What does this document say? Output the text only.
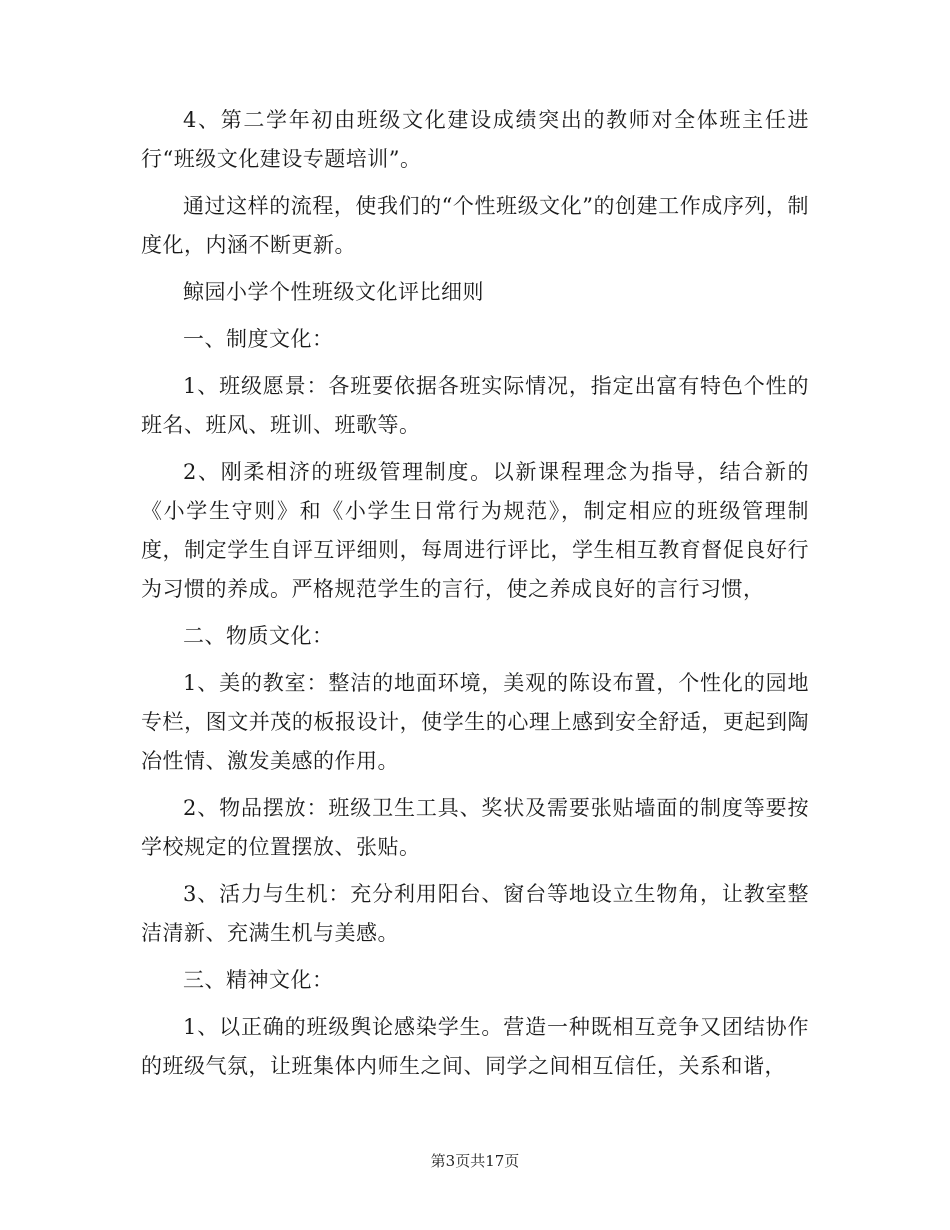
4、第二学年初由班级文化建设成绩突出的教师对全体班主任进行“班级文化建设专题培训”。

通过这样的流程，使我们的“个性班级文化”的创建工作成序列，制度化，内涵不断更新。

鲸园小学个性班级文化评比细则

一、制度文化：

1、班级愿景：各班要依据各班实际情况，指定出富有特色个性的班名、班风、班训、班歌等。

2、刚柔相济的班级管理制度。以新课程理念为指导，结合新的《小学生守则》和《小学生日常行为规范》，制定相应的班级管理制度，制定学生自评互评细则，每周进行评比，学生相互教育督促良好行为习惯的养成。严格规范学生的言行，使之养成良好的言行习惯，

二、物质文化：

1、美的教室：整洁的地面环境，美观的陈设布置，个性化的园地专栏，图文并茂的板报设计，使学生的心理上感到安全舒适，更起到陶冶性情、激发美感的作用。

2、物品摆放：班级卫生工具、奖状及需要张贴墙面的制度等要按学校规定的位置摆放、张贴。

3、活力与生机：充分利用阳台、窗台等地设立生物角，让教室整洁清新、充满生机与美感。

三、精神文化：

1、以正确的班级舆论感染学生。营造一种既相互竞争又团结协作的班级气氛，让班集体内师生之间、同学之间相互信任，关系和谐，

第3页共17页
